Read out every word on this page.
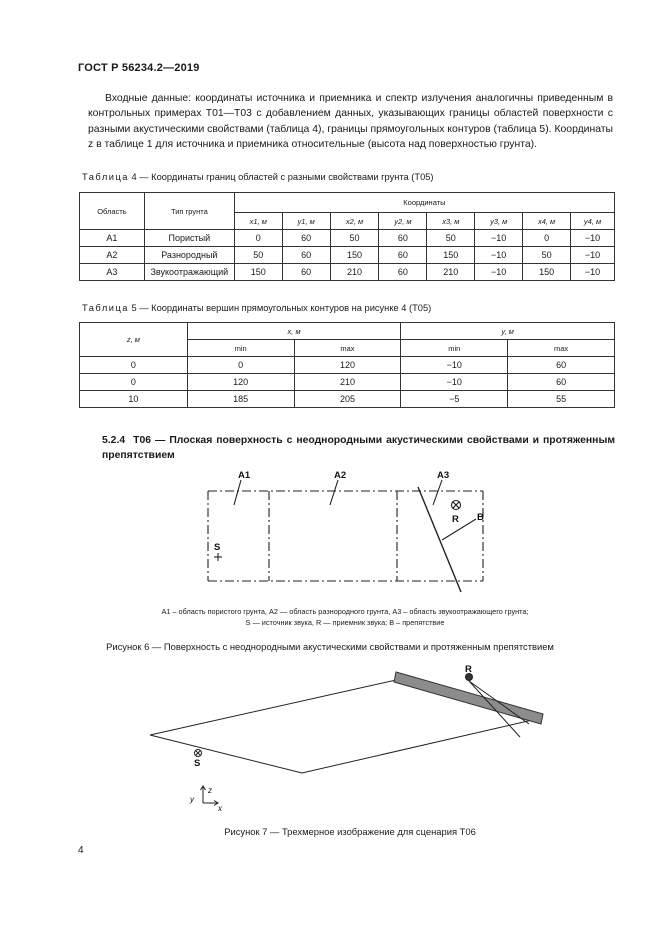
ГОСТ Р 56234.2—2019

Входные данные: координаты источника и приемника и спектр излучения аналогичны приведенным в контрольных примерах Т01—Т03 с добавлением данных, указывающих границы областей поверхности с разными акустическими свойствами (таблица 4), границы прямоугольных контуров (таблица 5). Координаты z в таблице 1 для источника и приемника относительные (высота над поверхностью грунта).

Таблица 4 — Координаты границ областей с разными свойствами грунта (Т05)
Область	Тип грунта	Координаты							
		x1, м	y1, м	x2, м	y2, м	x3, м	y3, м	x4, м	y4, м
А1	Пористый	0	60	50	60	50	−10	0	−10
А2	Разнородный	50	60	150	60	150	−10	50	−10
А3	Звукоотражающий	150	60	210	60	210	−10	150	−10
Таблица 5 — Координаты вершин прямоугольных контуров на рисунке 4 (Т05)
z, м	x, м		y, м	
	min	max	min	max
0	0	120	−10	60
0	120	210	−10	60
10	185	205	−5	55
5.2.4 Т06 — Плоская поверхность с неоднородными акустическими свойствами и протяженным препятствием
А1	А2	А3
В
R
S
R
S
z
x
y
А1 – область пористого грунта, А2 — область разнородного грунта, А3 – область звукоотражающего грунта;
S — источник звука, R — приемник звука; B – препятствие
Рисунок 6 — Поверхность с неоднородными акустическими свойствами и протяженным препятствием
Рисунок 7 — Трехмерное изображение для сценария Т06
4
